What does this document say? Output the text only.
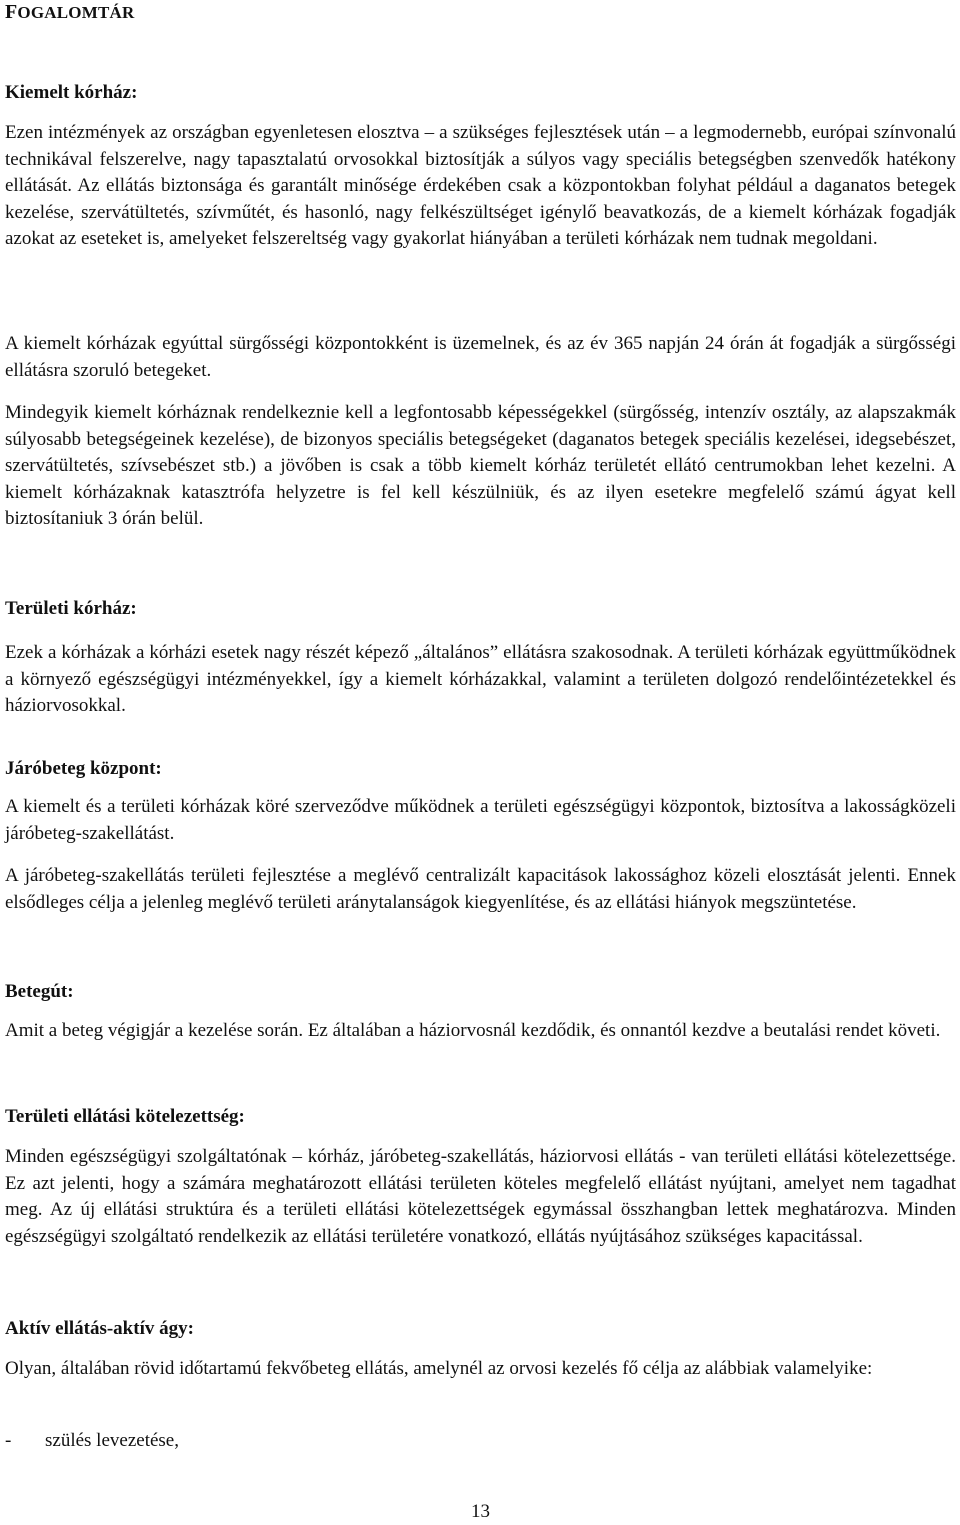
FOGALOMTÁR
Kiemelt kórház:
Ezen intézmények az országban egyenletesen elosztva – a szükséges fejlesztések után – a legmodernebb, európai színvonalú technikával felszerelve, nagy tapasztalatú orvosokkal biztosítják a súlyos vagy speciális betegségben szenvedők hatékony ellátását. Az ellátás biztonsága és garantált minősége érdekében csak a központokban folyhat például a daganatos betegek kezelése, szervátültetés, szívműtét, és hasonló, nagy felkészültséget igénylő beavatkozás, de a kiemelt kórházak fogadják azokat az eseteket is, amelyeket felszereltség vagy gyakorlat hiányában a területi kórházak nem tudnak megoldani.
A kiemelt kórházak egyúttal sürgősségi központokként is üzemelnek, és az év 365 napján 24 órán át fogadják a sürgősségi ellátásra szoruló betegeket.
Mindegyik kiemelt kórháznak rendelkeznie kell a legfontosabb képességekkel (sürgősség, intenzív osztály, az alapszakmák súlyosabb betegségeinek kezelése), de bizonyos speciális betegségeket (daganatos betegek speciális kezelései, idegsebészet, szervátültetés, szívsebészet stb.) a jövőben is csak a több kiemelt kórház területét ellátó centrumokban lehet kezelni. A kiemelt kórházaknak katasztrófa helyzetre is fel kell készülniük, és az ilyen esetekre megfelelő számú ágyat kell biztosítaniuk 3 órán belül.
Területi kórház:
Ezek a kórházak a kórházi esetek nagy részét képező „általános” ellátásra szakosodnak. A területi kórházak együttműködnek a környező egészségügyi intézményekkel, így a kiemelt kórházakkal, valamint a területen dolgozó rendelőintézetekkel és háziorvosokkal.
Járóbeteg központ:
A kiemelt és a területi kórházak köré szerveződve működnek a területi egészségügyi központok, biztosítva a lakosságközeli járóbeteg-szakellátást.
A járóbeteg-szakellátás területi fejlesztése a meglévő centralizált kapacitások lakossághoz közeli elosztását jelenti. Ennek elsődleges célja a jelenleg meglévő területi aránytalanságok kiegyenlítése, és az ellátási hiányok megszüntetése.
Betegút:
Amit a beteg végigjár a kezelése során. Ez általában a háziorvosnál kezdődik, és onnantól kezdve a beutalási rendet követi.
Területi ellátási kötelezettség:
Minden egészségügyi szolgáltatónak – kórház, járóbeteg-szakellátás, háziorvosi ellátás - van területi ellátási kötelezettsége. Ez azt jelenti, hogy a számára meghatározott ellátási területen köteles megfelelő ellátást nyújtani, amelyet nem tagadhat meg. Az új ellátási struktúra és a területi ellátási kötelezettségek egymással összhangban lettek meghatározva. Minden egészségügyi szolgáltató rendelkezik az ellátási területére vonatkozó, ellátás nyújtásához szükséges kapacitással.
Aktív ellátás-aktív ágy:
Olyan, általában rövid időtartamú fekvőbeteg ellátás, amelynél az orvosi kezelés fő célja az alábbiak valamelyike:
- szülés levezetése,
13
